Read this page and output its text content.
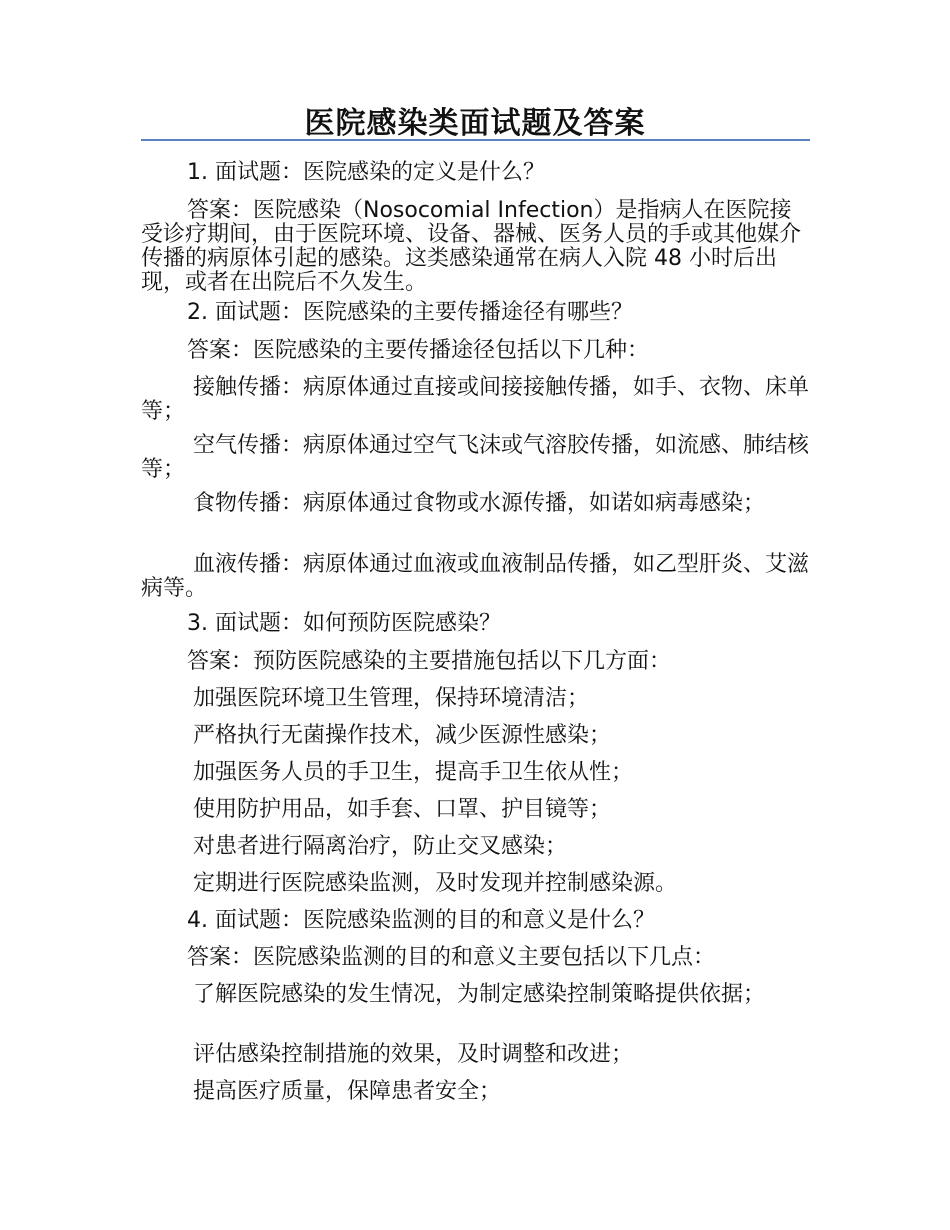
医院感染类面试题及答案

1. 面试题：医院感染的定义是什么？

答案：医院感染（Nosocomial Infection）是指病人在医院接受诊疗期间，由于医院环境、设备、器械、医务人员的手或其他媒介传播的病原体引起的感染。这类感染通常在病人入院 48 小时后出现，或者在出院后不久发生。

2. 面试题：医院感染的主要传播途径有哪些？

答案：医院感染的主要传播途径包括以下几种：

接触传播：病原体通过直接或间接接触传播，如手、衣物、床单等；

空气传播：病原体通过空气飞沫或气溶胶传播，如流感、肺结核等；

食物传播：病原体通过食物或水源传播，如诺如病毒感染；

血液传播：病原体通过血液或血液制品传播，如乙型肝炎、艾滋病等。

3. 面试题：如何预防医院感染？

答案：预防医院感染的主要措施包括以下几方面：

加强医院环境卫生管理，保持环境清洁；

严格执行无菌操作技术，减少医源性感染；

加强医务人员的手卫生，提高手卫生依从性；

使用防护用品，如手套、口罩、护目镜等；

对患者进行隔离治疗，防止交叉感染；

定期进行医院感染监测，及时发现并控制感染源。

4. 面试题：医院感染监测的目的和意义是什么？

答案：医院感染监测的目的和意义主要包括以下几点：

了解医院感染的发生情况，为制定感染控制策略提供依据；

评估感染控制措施的效果，及时调整和改进；

提高医疗质量，保障患者安全；
